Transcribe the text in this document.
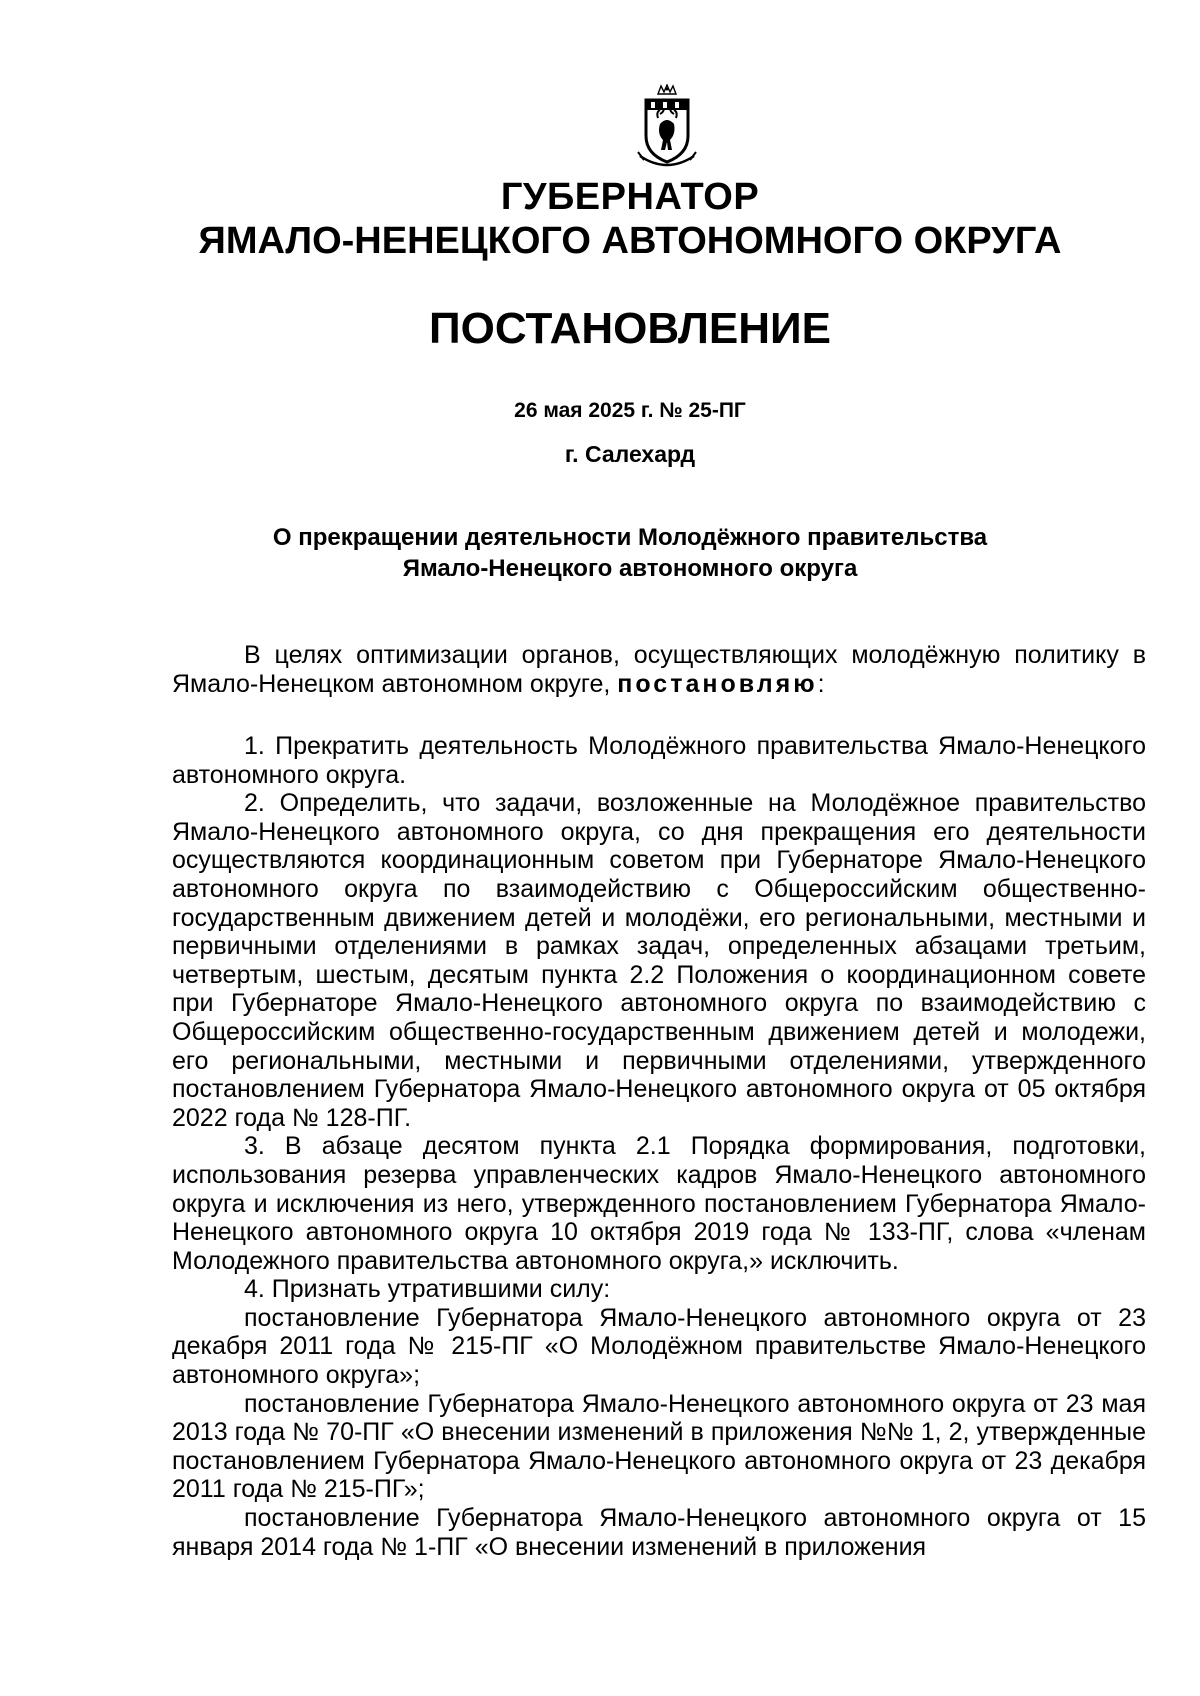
ГУБЕРНАТОР
ЯМАЛО-НЕНЕЦКОГО АВТОНОМНОГО ОКРУГА
ПОСТАНОВЛЕНИЕ
26 мая 2025 г. № 25-ПГ
г. Салехард
О прекращении деятельности Молодёжного правительства
Ямало-Ненецкого автономного округа

В целях оптимизации органов, осуществляющих молодёжную политику в Ямало-Ненецком автономном округе, постановляю:

1. Прекратить деятельность Молодёжного правительства Ямало-Ненецкого автономного округа.

2. Определить, что задачи, возложенные на Молодёжное правительство Ямало-Ненецкого автономного округа, со дня прекращения его деятельности осуществляются координационным советом при Губернаторе Ямало-Ненецкого автономного округа по взаимодействию с Общероссийским общественно-государственным движением детей и молодёжи, его региональными, местными и первичными отделениями в рамках задач, определенных абзацами третьим, четвертым, шестым, десятым пункта 2.2 Положения о координационном совете при Губернаторе Ямало-Ненецкого автономного округа по взаимодействию с Общероссийским общественно-государственным движением детей и молодежи, его региональными, местными и первичными отделениями, утвержденного постановлением Губернатора Ямало-Ненецкого автономного округа от 05 октября 2022 года № 128-ПГ.

3. В абзаце десятом пункта 2.1 Порядка формирования, подготовки, использования резерва управленческих кадров Ямало-Ненецкого автономного округа и исключения из него, утвержденного постановлением Губернатора Ямало-Ненецкого автономного округа 10 октября 2019 года № 133-ПГ, слова «членам Молодежного правительства автономного округа,» исключить.

4. Признать утратившими силу:

постановление Губернатора Ямало-Ненецкого автономного округа от 23 декабря 2011 года № 215-ПГ «О Молодёжном правительстве Ямало-Ненецкого автономного округа»;

постановление Губернатора Ямало-Ненецкого автономного округа от 23 мая 2013 года № 70-ПГ «О внесении изменений в приложения №№ 1, 2, утвержденные постановлением Губернатора Ямало-Ненецкого автономного округа от 23 декабря 2011 года № 215-ПГ»;

постановление Губернатора Ямало-Ненецкого автономного округа от 15 января 2014 года № 1-ПГ «О внесении изменений в приложения
